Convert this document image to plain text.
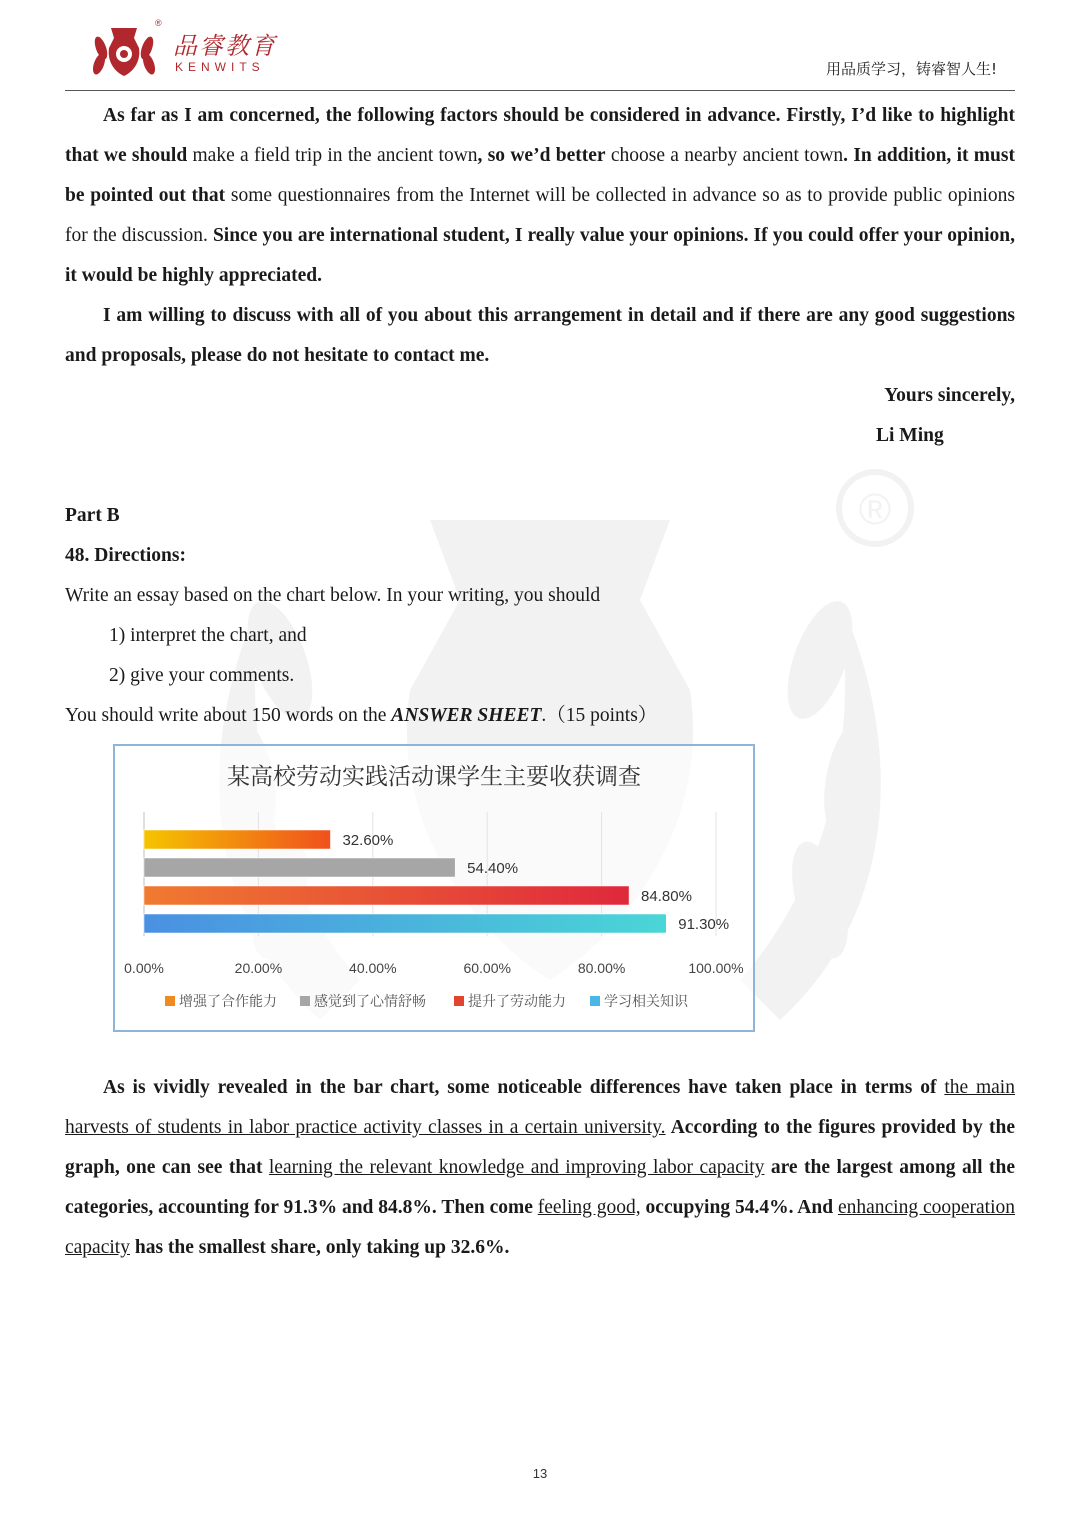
®
®
品睿教育
KENWITS	用品质学习，铸睿智人生!

As far as I am concerned, the following factors should be considered in advance. Firstly, I’d like to highlight that we should make a field trip in the ancient town, so we’d better choose a nearby ancient town. In addition, it must be pointed out that some questionnaires from the Internet will be collected in advance so as to provide public opinions for the discussion. Since you are international student, I really value your opinions. If you could offer your opinion, it would be highly appreciated.

I am willing to discuss with all of you about this arrangement in detail and if there are any good suggestions and proposals, please do not hesitate to contact me.

Yours sincerely,

Li Ming

Part B
48. Directions:
Write an essay based on the chart below. In your writing, you should
1) interpret the chart, and
2) give your comments.
You should write about 150 words on the ANSWER SHEET.（15 points）
某高校劳动实践活动课学生主要收获调查
0.00%	20.00%	40.00%	60.00%	80.00%	100.00%
32.60%
54.40%
84.80%
91.30%
增强了合作能力	感觉到了心情舒畅	提升了劳动能力	学习相关知识

As is vividly revealed in the bar chart, some noticeable differences have taken place in terms of the main harvests of students in labor practice activity classes in a certain university. According to the figures provided by the graph, one can see that learning the relevant knowledge and improving labor capacity are the largest among all the categories, accounting for 91.3% and 84.8%. Then come feeling good, occupying 54.4%. And enhancing cooperation capacity has the smallest share, only taking up 32.6%.

13
